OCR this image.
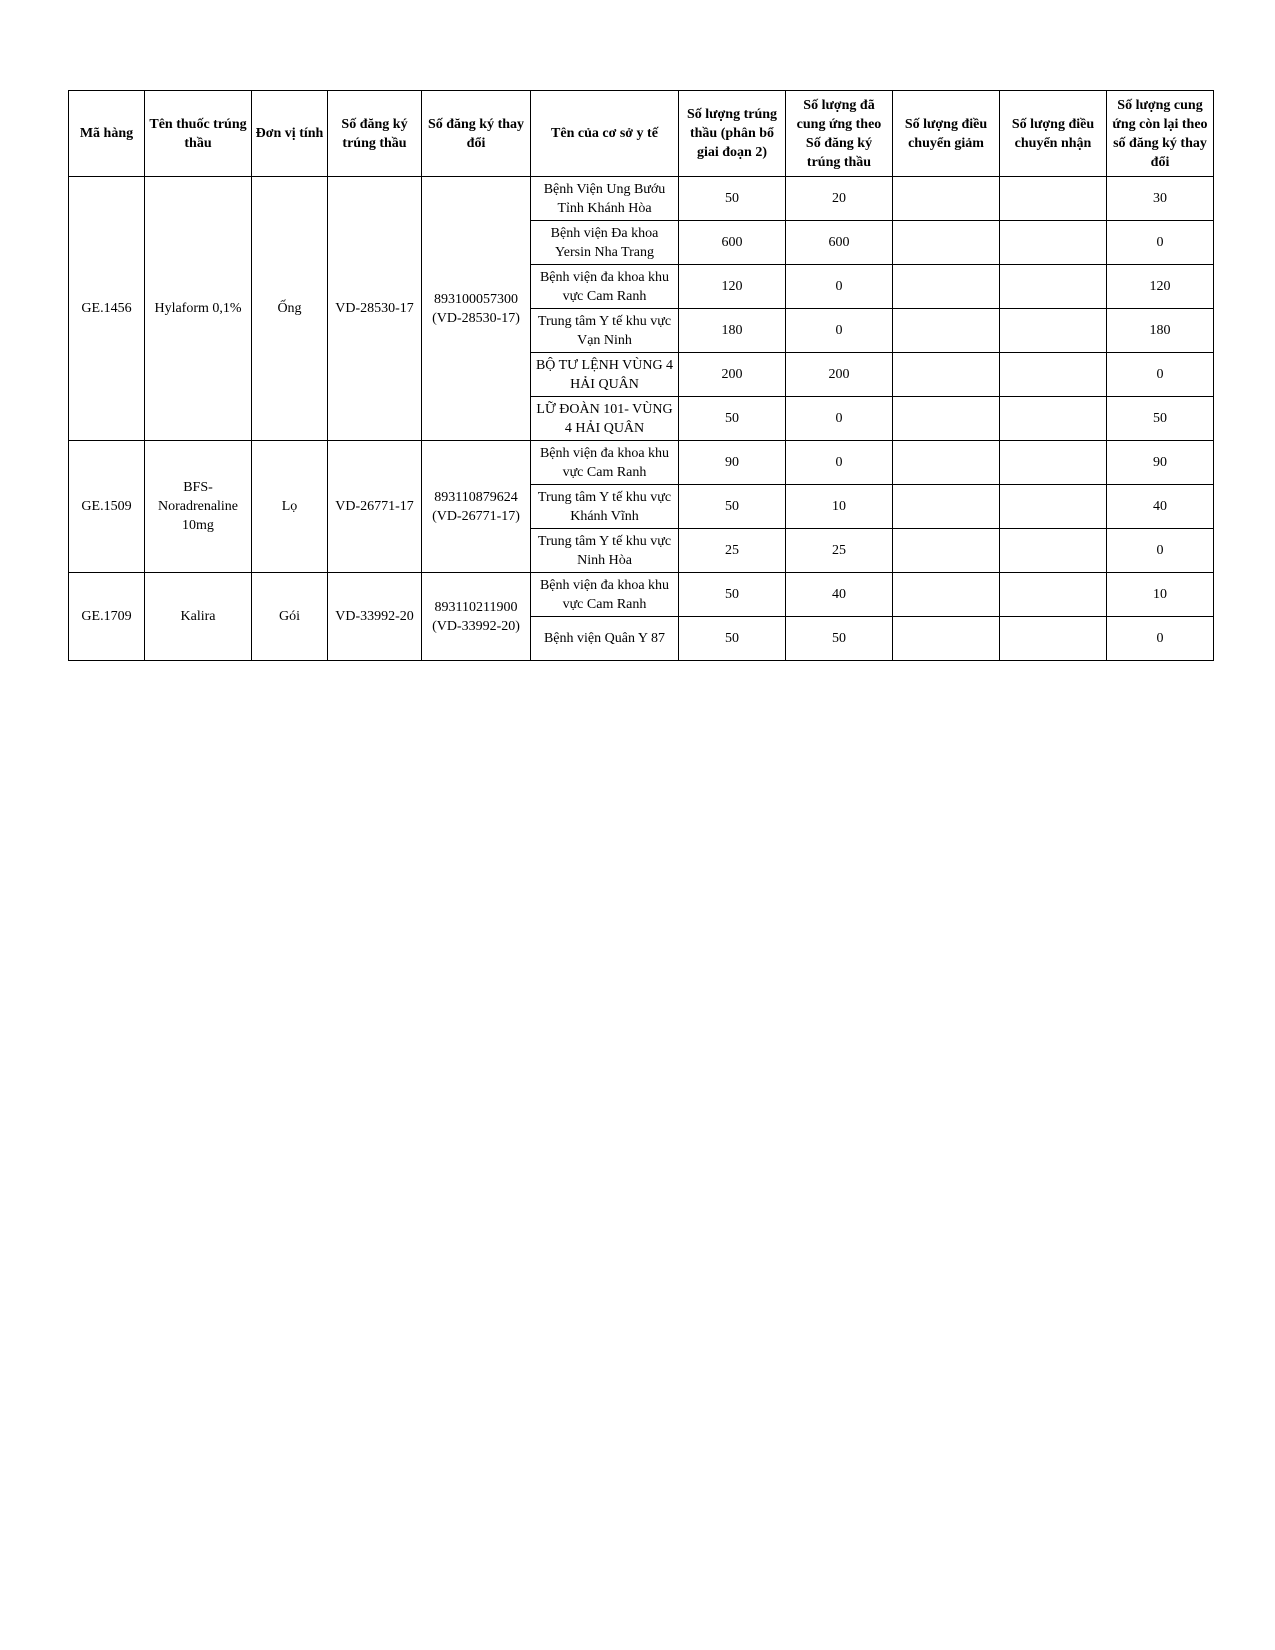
Mã hàng	Tên thuốc trúng thầu	Đơn vị tính	Số đăng ký trúng thầu	Số đăng ký thay đổi	Tên của cơ sở y tế	Số lượng trúng thầu (phân bổ giai đoạn 2)	Số lượng đã cung ứng theo Số đăng ký trúng thầu	Số lượng điều chuyển giảm	Số lượng điều chuyển nhận	Số lượng cung ứng còn lại theo số đăng ký thay đổi
GE.1456	Hylaform 0,1%	Ống	VD-28530-17	893100057300 (VD-28530-17)	Bệnh Viện Ung Bướu Tỉnh Khánh Hòa	50	20			30
					Bệnh viện Đa khoa Yersin Nha Trang	600	600			0
					Bệnh viện đa khoa khu vực Cam Ranh	120	0			120
					Trung tâm Y tế khu vực Vạn Ninh	180	0			180
					BỘ TƯ LỆNH VÙNG 4 HẢI QUÂN	200	200			0
					LỮ ĐOÀN 101- VÙNG 4 HẢI QUÂN	50	0			50
GE.1509	BFS- Noradrenaline 10mg	Lọ	VD-26771-17	893110879624 (VD-26771-17)	Bệnh viện đa khoa khu vực Cam Ranh	90	0			90
					Trung tâm Y tế khu vực Khánh Vĩnh	50	10			40
					Trung tâm Y tế khu vực Ninh Hòa	25	25			0
GE.1709	Kalira	Gói	VD-33992-20	893110211900 (VD-33992-20)	Bệnh viện đa khoa khu vực Cam Ranh	50	40			10
					Bệnh viện Quân Y 87	50	50			0
